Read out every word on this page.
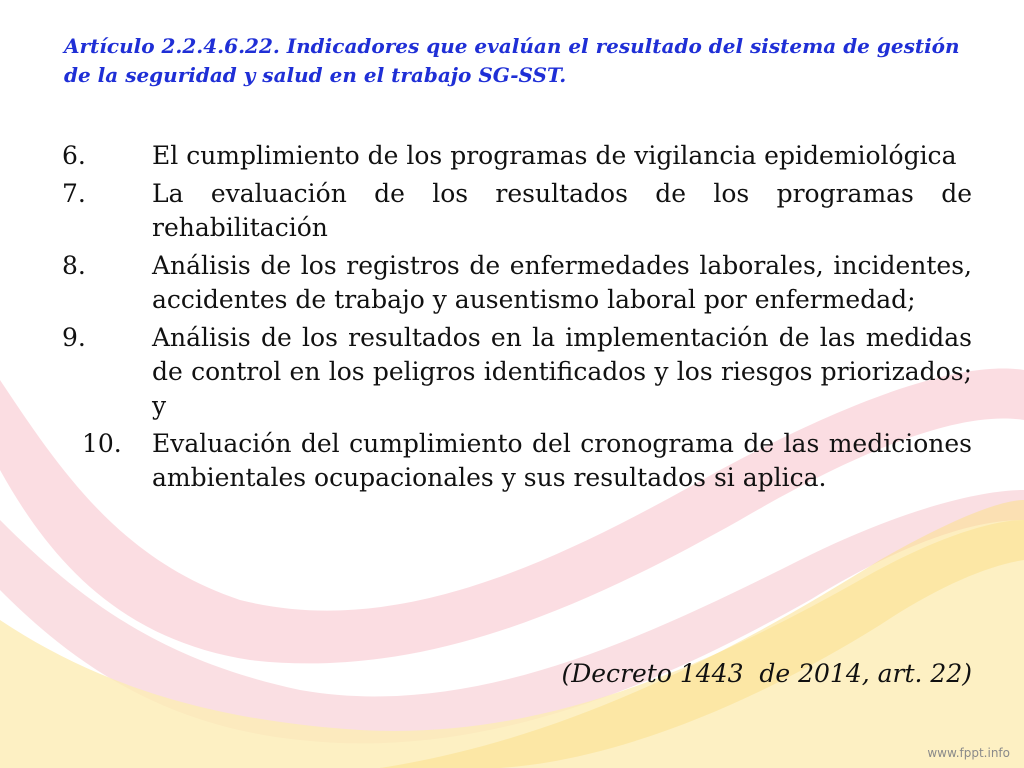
Artículo 2.2.4.6.22. Indicadores que evalúan el resultado del sistema de gestión de la seguridad y salud en el trabajo SG-SST.

6.	El cumplimiento de los programas de vigilancia epidemiológica
7.	La evaluación de los resultados de los programas de rehabilitación
8.	Análisis de los registros de enfermedades laborales, incidentes, accidentes de trabajo y ausentismo laboral por enfermedad;
9.	Análisis de los resultados en la implementación de las medidas de control en los peligros identificados y los riesgos priorizados; y
10.	Evaluación del cumplimiento del cronograma de las mediciones ambientales ocupacionales y sus resultados si aplica.

(Decreto 1443  de 2014, art. 22)

www.fppt.info
